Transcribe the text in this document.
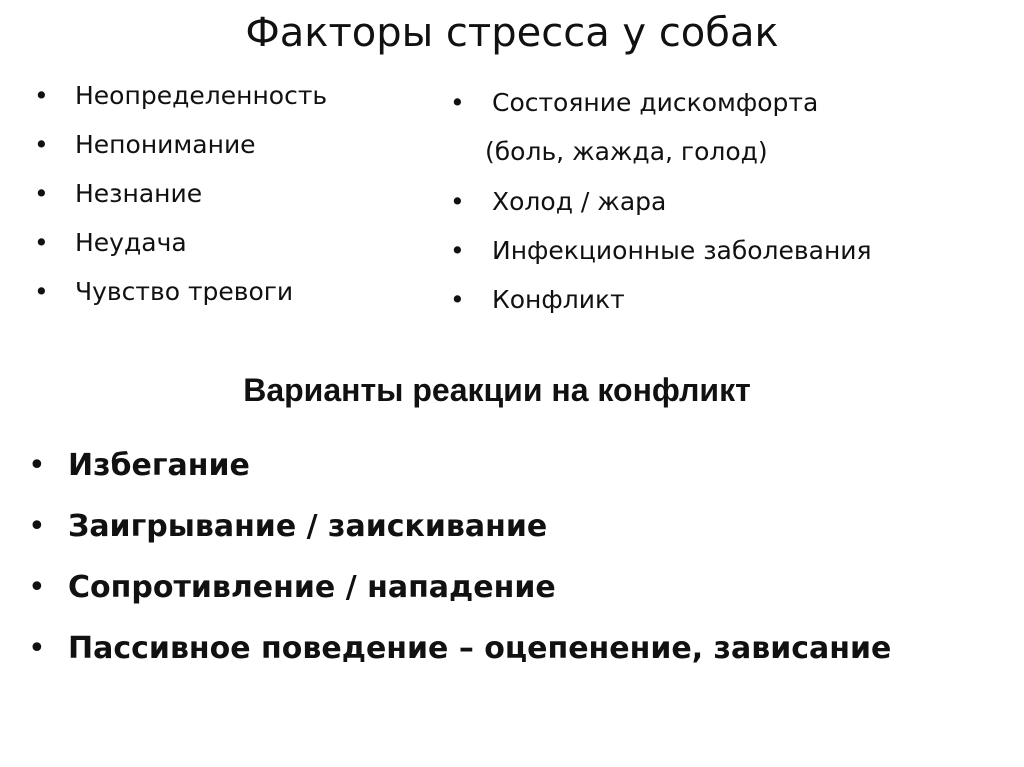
Факторы стресса у собак
• Неопределенность
• Непонимание
• Незнание
• Неудача
• Чувство тревоги
• Состояние дискомфорта
(боль, жажда, голод)
• Холод / жара
• Инфекционные заболевания
• Конфликт
Варианты реакции на конфликт
• Избегание
• Заигрывание / заискивание
• Сопротивление / нападение
• Пассивное поведение – оцепенение, зависание
